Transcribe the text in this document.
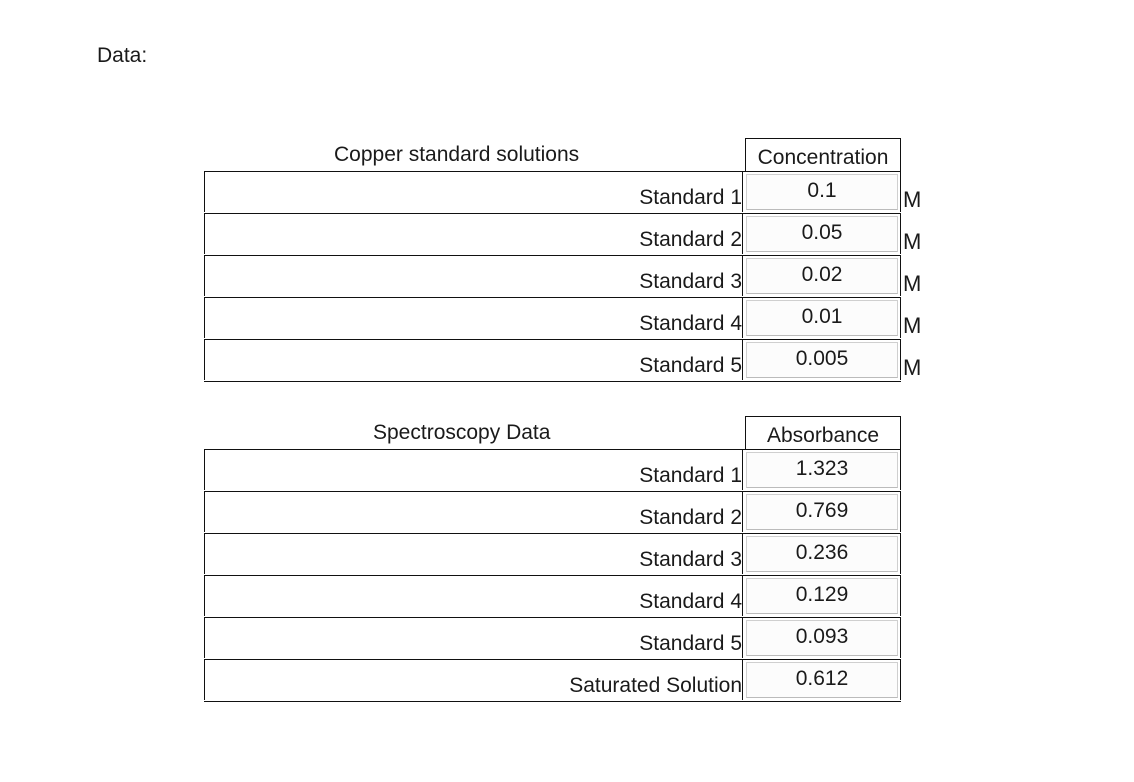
Data:
Copper standard solutions	Concentration
Standard 1	0.1	M
Standard 2	0.05	M
Standard 3	0.02	M
Standard 4	0.01	M
Standard 5	0.005	M
Spectroscopy Data	Absorbance
Standard 1	1.323
Standard 2	0.769
Standard 3	0.236
Standard 4	0.129
Standard 5	0.093
Saturated Solution	0.612
